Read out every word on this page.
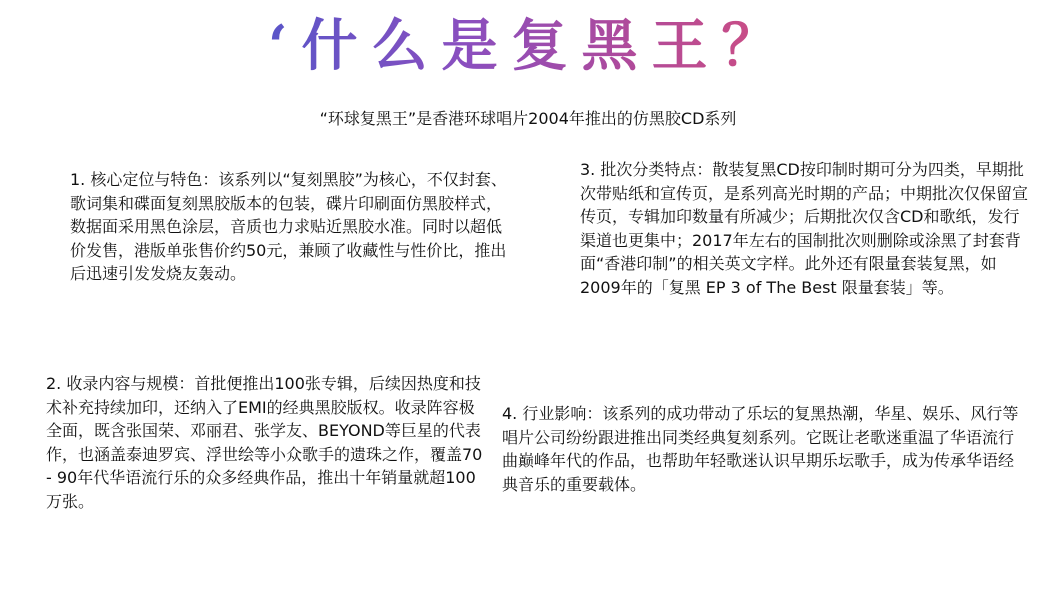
‘什么是复黑王？
“环球复黑王”是香港环球唱片2004年推出的仿黑胶CD系列

1. 核心定位与特色：该系列以“复刻黑胶”为核心，不仅封套、歌词集和碟面复刻黑胶版本的包装，碟片印刷面仿黑胶样式，数据面采用黑色涂层，音质也力求贴近黑胶水准。同时以超低价发售，港版单张售价约50元，兼顾了收藏性与性价比，推出后迅速引发发烧友轰动。

2. 收录内容与规模：首批便推出100张专辑，后续因热度和技术补充持续加印，还纳入了EMI的经典黑胶版权。收录阵容极全面，既含张国荣、邓丽君、张学友、BEYOND等巨星的代表作，也涵盖泰迪罗宾、浮世绘等小众歌手的遗珠之作，覆盖70 - 90年代华语流行乐的众多经典作品，推出十年销量就超100万张。

3. 批次分类特点：散装复黑CD按印制时期可分为四类，早期批次带贴纸和宣传页，是系列高光时期的产品；中期批次仅保留宣传页，专辑加印数量有所减少；后期批次仅含CD和歌纸，发行渠道也更集中；2017年左右的国制批次则删除或涂黑了封套背面“香港印制”的相关英文字样。此外还有限量套装复黑，如2009年的「复黑 EP 3 of The Best 限量套装」等。

4. 行业影响：该系列的成功带动了乐坛的复黑热潮，华星、娱乐、风行等唱片公司纷纷跟进推出同类经典复刻系列。它既让老歌迷重温了华语流行曲巅峰年代的作品，也帮助年轻歌迷认识早期乐坛歌手，成为传承华语经典音乐的重要载体。
